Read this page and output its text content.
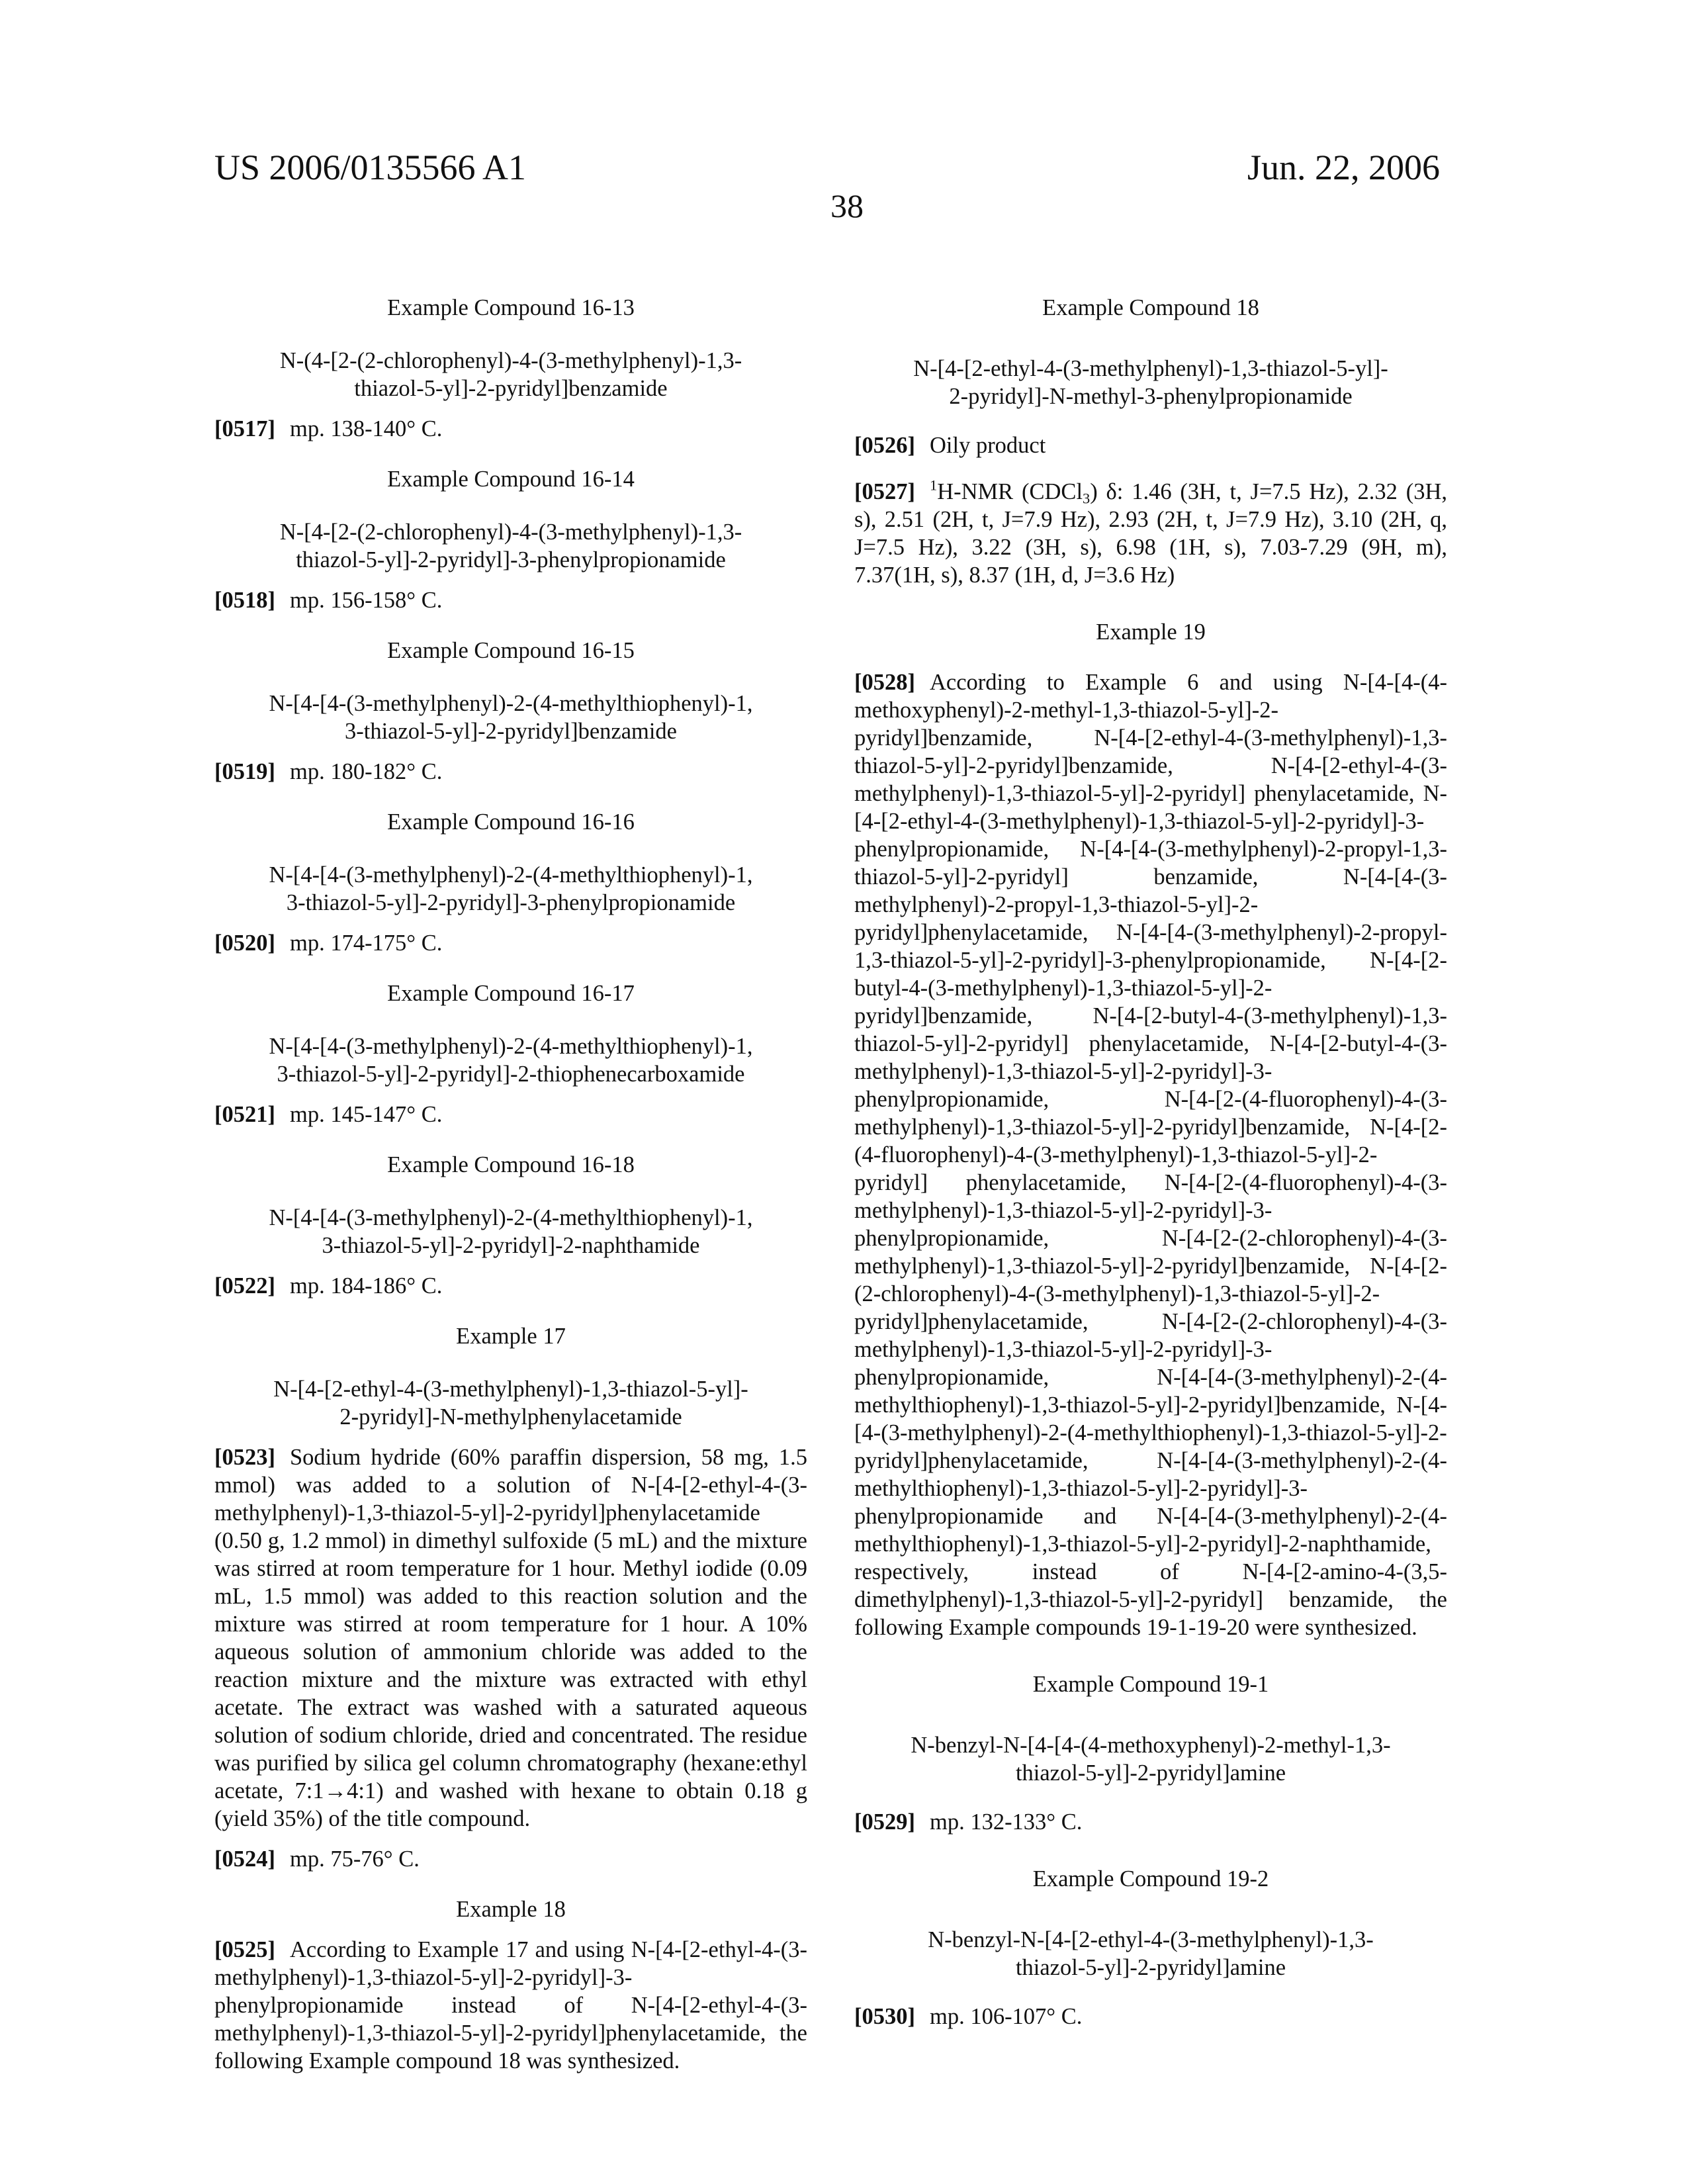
US 2006/0135566 A1	Jun. 22, 2006
38
Example Compound 16-13
N-(4-[2-(2-chlorophenyl)-4-(3-methylphenyl)-1,3-
thiazol-5-yl]-2-pyridyl]benzamide
[0517] mp. 138-140° C.
Example Compound 16-14
N-[4-[2-(2-chlorophenyl)-4-(3-methylphenyl)-1,3-
thiazol-5-yl]-2-pyridyl]-3-phenylpropionamide
[0518] mp. 156-158° C.
Example Compound 16-15
N-[4-[4-(3-methylphenyl)-2-(4-methylthiophenyl)-1,
3-thiazol-5-yl]-2-pyridyl]benzamide
[0519] mp. 180-182° C.
Example Compound 16-16
N-[4-[4-(3-methylphenyl)-2-(4-methylthiophenyl)-1,
3-thiazol-5-yl]-2-pyridyl]-3-phenylpropionamide
[0520] mp. 174-175° C.
Example Compound 16-17
N-[4-[4-(3-methylphenyl)-2-(4-methylthiophenyl)-1,
3-thiazol-5-yl]-2-pyridyl]-2-thiophenecarboxamide
[0521] mp. 145-147° C.
Example Compound 16-18
N-[4-[4-(3-methylphenyl)-2-(4-methylthiophenyl)-1,
3-thiazol-5-yl]-2-pyridyl]-2-naphthamide
[0522] mp. 184-186° C.
Example 17
N-[4-[2-ethyl-4-(3-methylphenyl)-1,3-thiazol-5-yl]-
2-pyridyl]-N-methylphenylacetamide
[0523] Sodium hydride (60% paraffin dispersion, 58 mg, 1.5 mmol) was added to a solution of N-[4-[2-ethyl-4-(3-methylphenyl)-1,3-thiazol-5-yl]-2-pyridyl]phenylacetamide (0.50 g, 1.2 mmol) in dimethyl sulfoxide (5 mL) and the mixture was stirred at room temperature for 1 hour. Methyl iodide (0.09 mL, 1.5 mmol) was added to this reaction solution and the mixture was stirred at room temperature for 1 hour. A 10% aqueous solution of ammonium chloride was added to the reaction mixture and the mixture was extracted with ethyl acetate. The extract was washed with a saturated aqueous solution of sodium chloride, dried and concentrated. The residue was purified by silica gel column chromatography (hexane:ethyl acetate, 7:1→4:1) and washed with hexane to obtain 0.18 g (yield 35%) of the title compound.
[0524] mp. 75-76° C.
Example 18
[0525] According to Example 17 and using N-[4-[2-ethyl-4-(3-methylphenyl)-1,3-thiazol-5-yl]-2-pyridyl]-3-phenylpropionamide instead of N-[4-[2-ethyl-4-(3-methylphenyl)-1,3-thiazol-5-yl]-2-pyridyl]phenylacetamide, the following Example compound 18 was synthesized.
Example Compound 18
N-[4-[2-ethyl-4-(3-methylphenyl)-1,3-thiazol-5-yl]-
2-pyridyl]-N-methyl-3-phenylpropionamide
[0526] Oily product
[0527] 1H-NMR (CDCl3) δ: 1.46 (3H, t, J=7.5 Hz), 2.32 (3H, s), 2.51 (2H, t, J=7.9 Hz), 2.93 (2H, t, J=7.9 Hz), 3.10 (2H, q, J=7.5 Hz), 3.22 (3H, s), 6.98 (1H, s), 7.03-7.29 (9H, m), 7.37(1H, s), 8.37 (1H, d, J=3.6 Hz)
Example 19
[0528] According to Example 6 and using N-[4-[4-(4-methoxyphenyl)-2-methyl-1,3-thiazol-5-yl]-2-pyridyl]benzamide, N-[4-[2-ethyl-4-(3-methylphenyl)-1,3-thiazol-5-yl]-2-pyridyl]benzamide, N-[4-[2-ethyl-4-(3-methylphenyl)-1,3-thiazol-5-yl]-2-pyridyl] phenylacetamide, N-[4-[2-ethyl-4-(3-methylphenyl)-1,3-thiazol-5-yl]-2-pyridyl]-3-phenylpropionamide, N-[4-[4-(3-methylphenyl)-2-propyl-1,3-thiazol-5-yl]-2-pyridyl] benzamide, N-[4-[4-(3-methylphenyl)-2-propyl-1,3-thiazol-5-yl]-2-pyridyl]phenylacetamide, N-[4-[4-(3-methylphenyl)-2-propyl-1,3-thiazol-5-yl]-2-pyridyl]-3-phenylpropionamide, N-[4-[2-butyl-4-(3-methylphenyl)-1,3-thiazol-5-yl]-2-pyridyl]benzamide, N-[4-[2-butyl-4-(3-methylphenyl)-1,3-thiazol-5-yl]-2-pyridyl] phenylacetamide, N-[4-[2-butyl-4-(3-methylphenyl)-1,3-thiazol-5-yl]-2-pyridyl]-3-phenylpropionamide, N-[4-[2-(4-fluorophenyl)-4-(3-methylphenyl)-1,3-thiazol-5-yl]-2-pyridyl]benzamide, N-[4-[2-(4-fluorophenyl)-4-(3-methylphenyl)-1,3-thiazol-5-yl]-2-pyridyl] phenylacetamide, N-[4-[2-(4-fluorophenyl)-4-(3-methylphenyl)-1,3-thiazol-5-yl]-2-pyridyl]-3-phenylpropionamide, N-[4-[2-(2-chlorophenyl)-4-(3-methylphenyl)-1,3-thiazol-5-yl]-2-pyridyl]benzamide, N-[4-[2-(2-chlorophenyl)-4-(3-methylphenyl)-1,3-thiazol-5-yl]-2-pyridyl]phenylacetamide, N-[4-[2-(2-chlorophenyl)-4-(3-methylphenyl)-1,3-thiazol-5-yl]-2-pyridyl]-3-phenylpropionamide, N-[4-[4-(3-methylphenyl)-2-(4-methylthiophenyl)-1,3-thiazol-5-yl]-2-pyridyl]benzamide, N-[4-[4-(3-methylphenyl)-2-(4-methylthiophenyl)-1,3-thiazol-5-yl]-2-pyridyl]phenylacetamide, N-[4-[4-(3-methylphenyl)-2-(4-methylthiophenyl)-1,3-thiazol-5-yl]-2-pyridyl]-3-phenylpropionamide and N-[4-[4-(3-methylphenyl)-2-(4-methylthiophenyl)-1,3-thiazol-5-yl]-2-pyridyl]-2-naphthamide, respectively, instead of N-[4-[2-amino-4-(3,5-dimethylphenyl)-1,3-thiazol-5-yl]-2-pyridyl] benzamide, the following Example compounds 19-1-19-20 were synthesized.
Example Compound 19-1
N-benzyl-N-[4-[4-(4-methoxyphenyl)-2-methyl-1,3-
thiazol-5-yl]-2-pyridyl]amine
[0529] mp. 132-133° C.
Example Compound 19-2
N-benzyl-N-[4-[2-ethyl-4-(3-methylphenyl)-1,3-
thiazol-5-yl]-2-pyridyl]amine
[0530] mp. 106-107° C.
